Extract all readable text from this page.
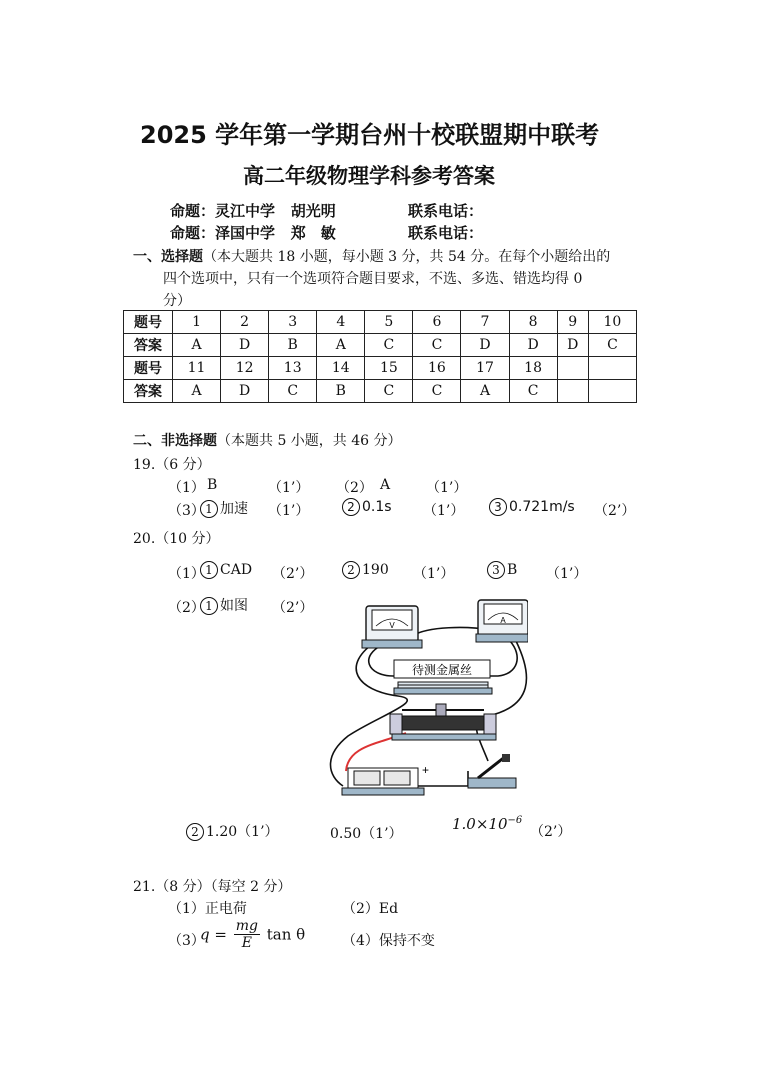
2025 学年第一学期台州十校联盟期中联考
高二年级物理学科参考答案
命题：灵江中学 胡光明	联系电话：
命题：泽国中学 郑　敏	联系电话：
一、选择题（本大题共 18 小题，每小题 3 分，共 54 分。在每个小题给出的
四个选项中，只有一个选项符合题目要求，不选、多选、错选均得 0
分）
题号	1	2	3	4	5	6	7	8	9	10
答案	A	D	B	A	C	C	D	D	D	C
题号	11	12	13	14	15	16	17	18		
答案	A	D	C	B	C	C	A	C		
二、非选择题（本题共 5 小题，共 46 分）
19.（6 分）
（1） B	（1’） （2） A	（1’）
（3） 1 加速 （1’）	2 0.1s （1’）	3 0.721m/s （2’）
20.（10 分）
（1） 1 CAD （2’）	2 190 （1’）	3 B （1’）
（2） 1 如图 （2’）
V
A
待测金属丝
+
2 1.20（1’）	0.50（1’）
$1.0\times 10^{-6}$
（2’）
21.（8 分）（每空 2 分）
（1）正电荷	（2）Ed
（3）
$q = \frac{mg}{E}$ tan θ	（4）保持不变
